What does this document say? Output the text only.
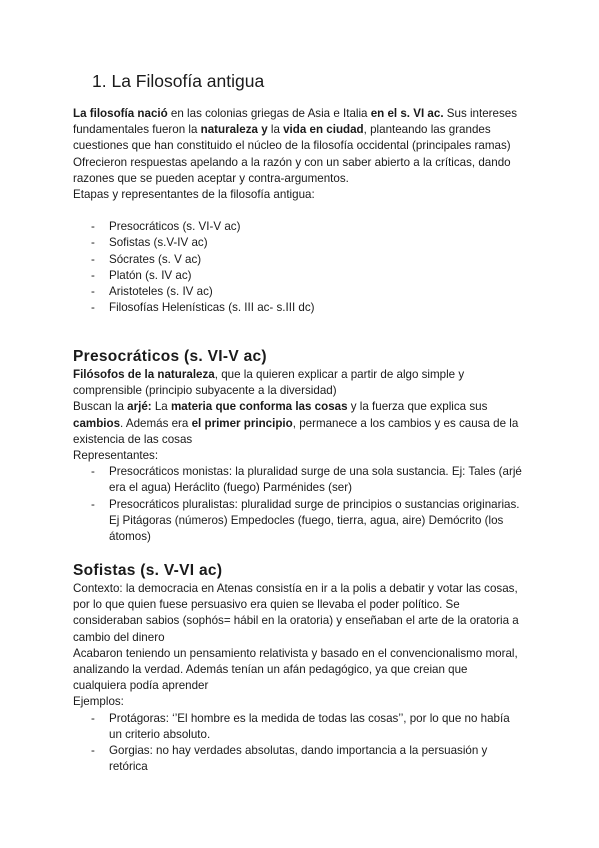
1. La Filosofía antigua

La filosofía nació en las colonias griegas de Asia e Italia en el s. VI ac. Sus intereses fundamentales fueron la naturaleza y la vida en ciudad, planteando las grandes cuestiones que han constituido el núcleo de la filosofía occidental (principales ramas)

Ofrecieron respuestas apelando a la razón y con un saber abierto a la críticas, dando razones que se pueden aceptar y contra-argumentos.

Etapas y representantes de la filosofía antigua:

- Presocráticos (s. VI-V ac)
- Sofistas (s.V-IV ac)
- Sócrates (s. V ac)
- Platón (s. IV ac)
- Aristoteles (s. IV ac)
- Filosofías Helenísticas (s. III ac- s.III dc)
Presocráticos (s. VI-V ac)

Filósofos de la naturaleza, que la quieren explicar a partir de algo simple y comprensible (principio subyacente a la diversidad)

Buscan la arjé: La materia que conforma las cosas y la fuerza que explica sus cambios. Además era el primer principio, permanece a los cambios y es causa de la existencia de las cosas

Representantes:

- Presocráticos monistas: la pluralidad surge de una sola sustancia. Ej: Tales (arjé era el agua) Heráclito (fuego) Parménides (ser)
- Presocráticos pluralistas: pluralidad surge de principios o sustancias originarias. Ej Pitágoras (números) Empedocles (fuego, tierra, agua, aire) Demócrito (los átomos)
Sofistas (s. V-VI ac)

Contexto: la democracia en Atenas consistía en ir a la polis a debatir y votar las cosas, por lo que quien fuese persuasivo era quien se llevaba el poder político. Se consideraban sabios (sophós= hábil en la oratoria) y enseñaban el arte de la oratoria a cambio del dinero

Acabaron teniendo un pensamiento relativista y basado en el convencionalismo moral, analizando la verdad. Además tenían un afán pedagógico, ya que creian que cualquiera podía aprender

Ejemplos:

- Protágoras: ‘’El hombre es la medida de todas las cosas’’, por lo que no había un criterio absoluto.
- Gorgias: no hay verdades absolutas, dando importancia a la persuasión y retórica
